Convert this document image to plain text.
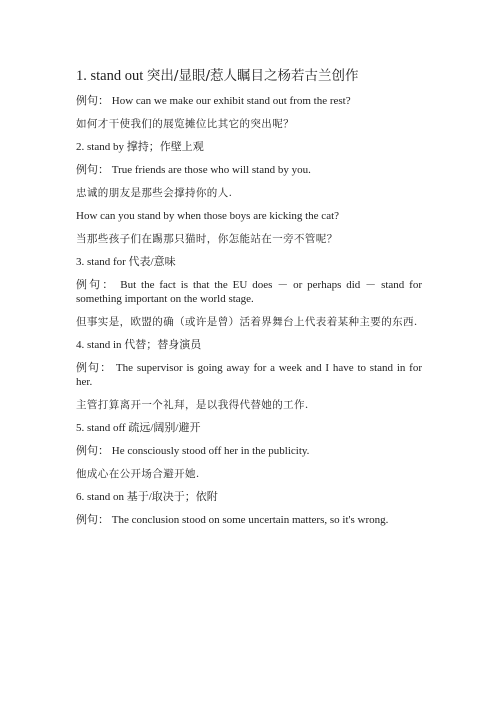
1. stand out 突出/显眼/惹人瞩目之杨若古兰创作
例句： How can we make our exhibit stand out from the rest?
如何才干使我们的展览摊位比其它的突出呢？
2. stand by 撑持；作壁上观
例句： True friends are those who will stand by you.
忠诚的朋友是那些会撑持你的人.
How can you stand by when those boys are kicking the cat?
当那些孩子们在踢那只猫时，你怎能站在一旁不管呢？
3. stand for 代表/意味
例句： But the fact is that the EU does － or perhaps did － stand for something important on the world stage.
但事实是，欧盟的确（或许是曾）活着界舞台上代表着某种主要的东西.
4. stand in 代替；替身演员
例句： The supervisor is going away for a week and I have to stand in for her.
主管打算离开一个礼拜，是以我得代替她的工作.
5. stand off 疏远/阔别/避开
例句： He consciously stood off her in the publicity.
他成心在公开场合避开她.
6. stand on 基于/取决于；依附
例句： The conclusion stood on some uncertain matters, so it's wrong.
